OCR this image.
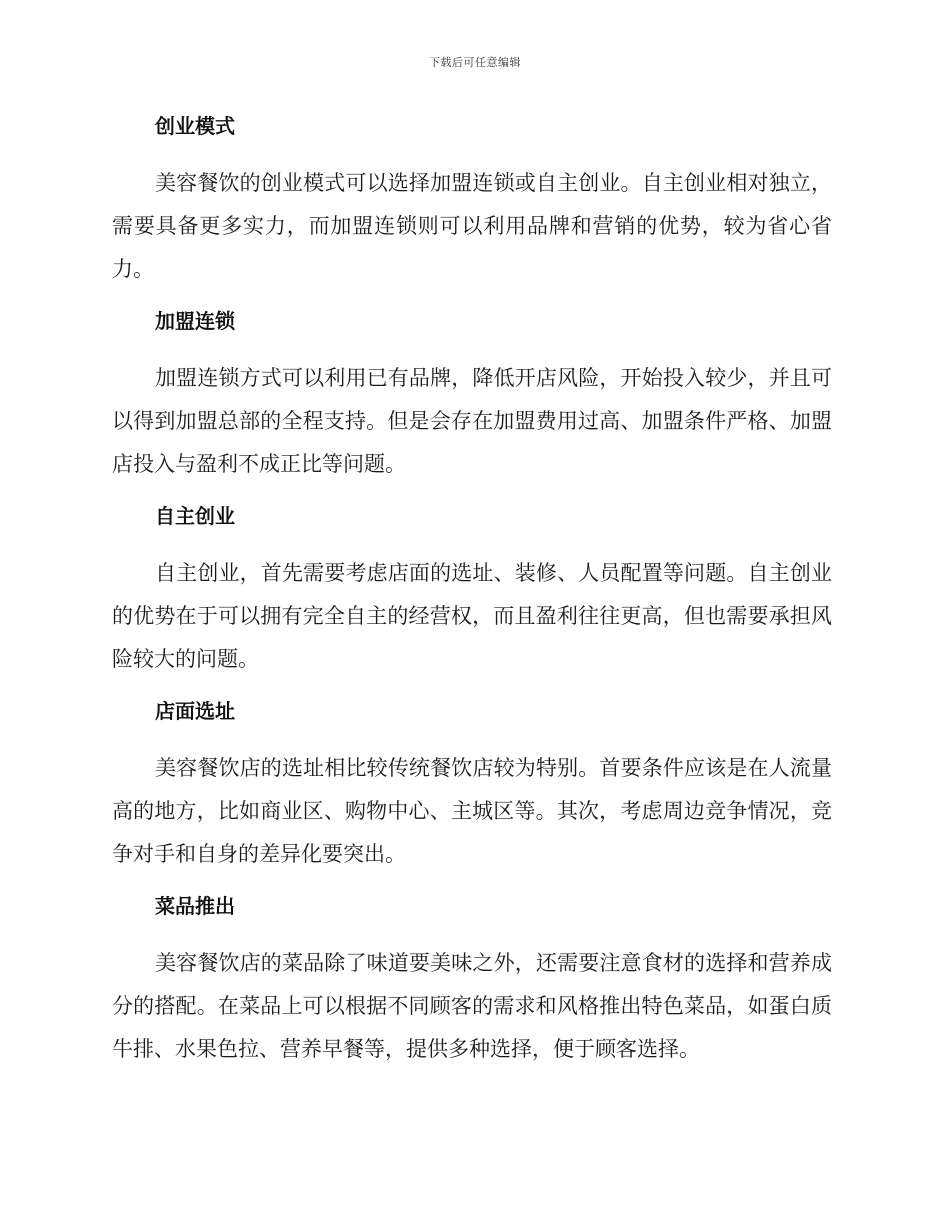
下载后可任意编辑
创业模式

美容餐饮的创业模式可以选择加盟连锁或自主创业。自主创业相对独立，需要具备更多实力，而加盟连锁则可以利用品牌和营销的优势，较为省心省力。

加盟连锁

加盟连锁方式可以利用已有品牌，降低开店风险，开始投入较少，并且可以得到加盟总部的全程支持。但是会存在加盟费用过高、加盟条件严格、加盟店投入与盈利不成正比等问题。

自主创业

自主创业，首先需要考虑店面的选址、装修、人员配置等问题。自主创业的优势在于可以拥有完全自主的经营权，而且盈利往往更高，但也需要承担风险较大的问题。

店面选址

美容餐饮店的选址相比较传统餐饮店较为特别。首要条件应该是在人流量高的地方，比如商业区、购物中心、主城区等。其次，考虑周边竞争情况，竞争对手和自身的差异化要突出。

菜品推出

美容餐饮店的菜品除了味道要美味之外，还需要注意食材的选择和营养成分的搭配。在菜品上可以根据不同顾客的需求和风格推出特色菜品，如蛋白质牛排、水果色拉、营养早餐等，提供多种选择，便于顾客选择。
